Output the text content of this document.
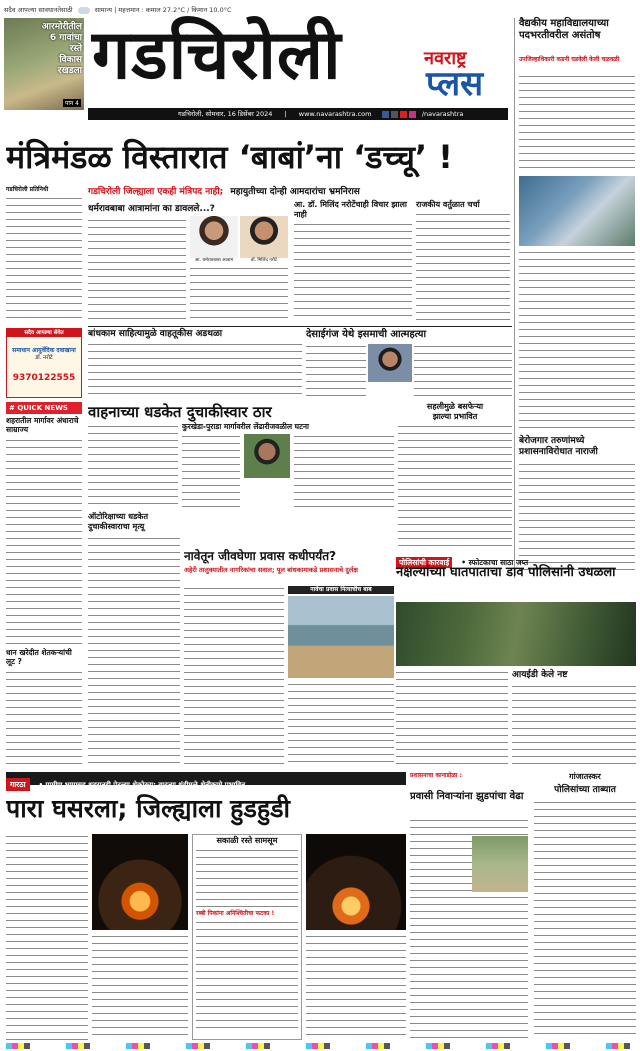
सदैव आपल्या सावधानतेसाठी	सामान्य | महत्तमान : कमाल 27.2°C / किमान 10.0°C
आरमोरीतील
6 गावांचा
रस्ते
विकास
रखडला
पान 4
गडचिरोली	नवराष्ट्र
प्लस
गडचिरोली, सोमवार, 16 डिसेंबर 2024 | www.navarashtra.com	/navarashtra
वैद्यकीय महाविद्यालयाच्या पदभरतीवरील असंतोष
उपजिल्हाधिकारी कडनी घडवेली केली चळवळी
बेरोजगार तरुणांमध्ये प्रशासनाविरोधात नाराजी
मंत्रिमंडळ विस्तारात ‘बाबां’ना ‘डच्चू’ !
गडचिरोली जिल्ह्याला एकही मंत्रिपद नाही; महायुतीच्या दोन्ही आमदारांचा भ्रमनिरास
गडचिरोली प्रतिनिधी
धर्मरावबाबा आत्रामांना का डावलले...?
आ. धर्मरावबाबा आत्राम	डॉ. मिलिंद नरोटे
आ. डॉ. मिलिंद नरोटेंचाही विचार झाला नाही
राजकीय वर्तुळात चर्चा
सदैव आपल्या सेवेत
समाधान आयुर्वेदिक दवाखाना
डॉ. नरोटे
9370122555
# QUICK NEWS
शहरातील मार्गावर अंधाराचे साम्राज्य
धान खरेदीत शेतकऱ्यांची लूट ?
बांधकाम साहित्यामुळे वाहतूकीस अडथळा	देसाईगंज येथे इसमाची आत्महत्या
सहलीमुळे बसफेऱ्या
झाल्या प्रभावित
वाहनाच्या धडकेत दुचाकीस्वार ठार
कुरखेडा-पुराडा मार्गावरील लेंढारीजवळील घटना
ऑटोरिक्षाच्या धडकेत दुचाकीस्वाराचा मृत्यू
पोलिसांची कारवाई • स्फोटकाचा साठा जप्त
नक्षल्यांच्या घातपाताचा डाव पोलिसांनी उधळला
आयईडी केले नष्ट
नावेतून जीवघेणा प्रवास कधीपर्यंत?
अहेरी तालुक्यातील नागरिकांचा सवाल; पूल बांधकामाकडे प्रशासनाचे दुर्लक्ष
नावेचा प्रवास नित्याचीच बाब
गारठा • ग्रामीण भागासह शहरातही पेटल्या शेकोट्या; वाढत्या थंडीमुळे शेतीकामे प्रभावित
प्रशासनाचा कानाडोळा :
प्रवासी निवाऱ्यांना झुडपांचा वेढा
गांजातस्कर
पोलिसांच्या ताब्यात
पारा घसरला; जिल्ह्याला हुडहुडी
सकाळी रस्ते सामसूम
रब्बी पिकांना अनिश्चितीचा फटका !
